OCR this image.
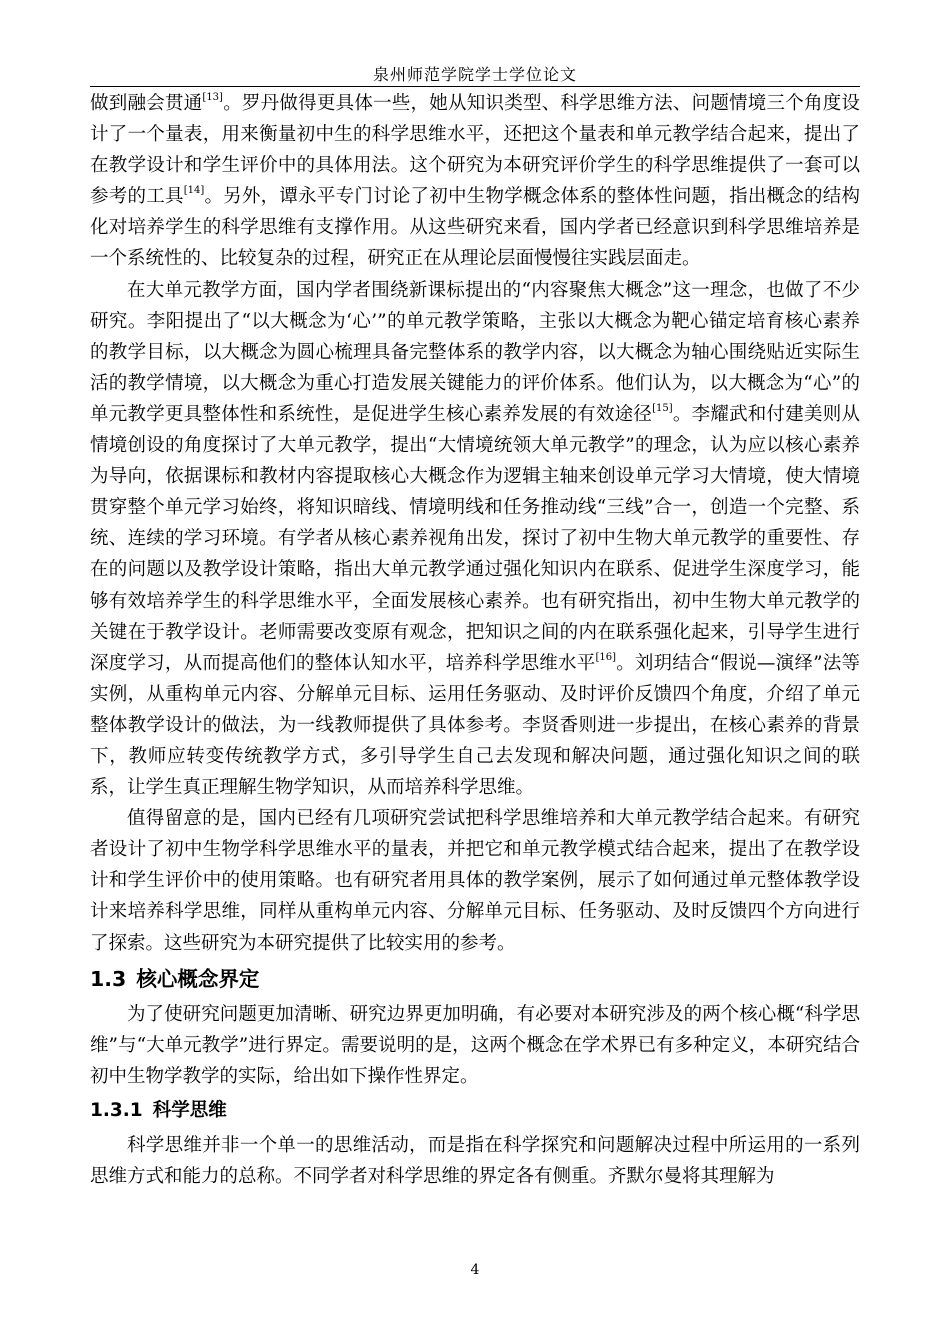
泉州师范学院学士学位论文

做到融会贯通[13]。罗丹做得更具体一些，她从知识类型、科学思维方法、问题情境三个角度设计了一个量表，用来衡量初中生的科学思维水平，还把这个量表和单元教学结合起来，提出了在教学设计和学生评价中的具体用法。这个研究为本研究评价学生的科学思维提供了一套可以参考的工具[14]。另外，谭永平专门讨论了初中生物学概念体系的整体性问题，指出概念的结构化对培养学生的科学思维有支撑作用。从这些研究来看，国内学者已经意识到科学思维培养是一个系统性的、比较复杂的过程，研究正在从理论层面慢慢往实践层面走。

在大单元教学方面，国内学者围绕新课标提出的“内容聚焦大概念”这一理念，也做了不少研究。李阳提出了“以大概念为‘心’”的单元教学策略，主张以大概念为靶心锚定培育核心素养的教学目标，以大概念为圆心梳理具备完整体系的教学内容，以大概念为轴心围绕贴近实际生活的教学情境，以大概念为重心打造发展关键能力的评价体系。他们认为，以大概念为“心”的单元教学更具整体性和系统性，是促进学生核心素养发展的有效途径[15]。李耀武和付建美则从情境创设的角度探讨了大单元教学，提出“大情境统领大单元教学”的理念，认为应以核心素养为导向，依据课标和教材内容提取核心大概念作为逻辑主轴来创设单元学习大情境，使大情境贯穿整个单元学习始终，将知识暗线、情境明线和任务推动线“三线”合一，创造一个完整、系统、连续的学习环境。有学者从核心素养视角出发，探讨了初中生物大单元教学的重要性、存在的问题以及教学设计策略，指出大单元教学通过强化知识内在联系、促进学生深度学习，能够有效培养学生的科学思维水平，全面发展核心素养。也有研究指出，初中生物大单元教学的关键在于教学设计。老师需要改变原有观念，把知识之间的内在联系强化起来，引导学生进行深度学习，从而提高他们的整体认知水平，培养科学思维水平[16]。刘玥结合“假说—演绎”法等实例，从重构单元内容、分解单元目标、运用任务驱动、及时评价反馈四个角度，介绍了单元整体教学设计的做法，为一线教师提供了具体参考。李贤香则进一步提出，在核心素养的背景下，教师应转变传统教学方式，多引导学生自己去发现和解决问题，通过强化知识之间的联系，让学生真正理解生物学知识，从而培养科学思维。

值得留意的是，国内已经有几项研究尝试把科学思维培养和大单元教学结合起来。有研究者设计了初中生物学科学思维水平的量表，并把它和单元教学模式结合起来，提出了在教学设计和学生评价中的使用策略。也有研究者用具体的教学案例，展示了如何通过单元整体教学设计来培养科学思维，同样从重构单元内容、分解单元目标、任务驱动、及时反馈四个方向进行了探索。这些研究为本研究提供了比较实用的参考。

1.3 核心概念界定

为了使研究问题更加清晰、研究边界更加明确，有必要对本研究涉及的两个核心概“科学思维”与“大单元教学”进行界定。需要说明的是，这两个概念在学术界已有多种定义，本研究结合初中生物学教学的实际，给出如下操作性界定。

1.3.1 科学思维

科学思维并非一个单一的思维活动，而是指在科学探究和问题解决过程中所运用的一系列思维方式和能力的总称。不同学者对科学思维的界定各有侧重。齐默尔曼将其理解为

4
